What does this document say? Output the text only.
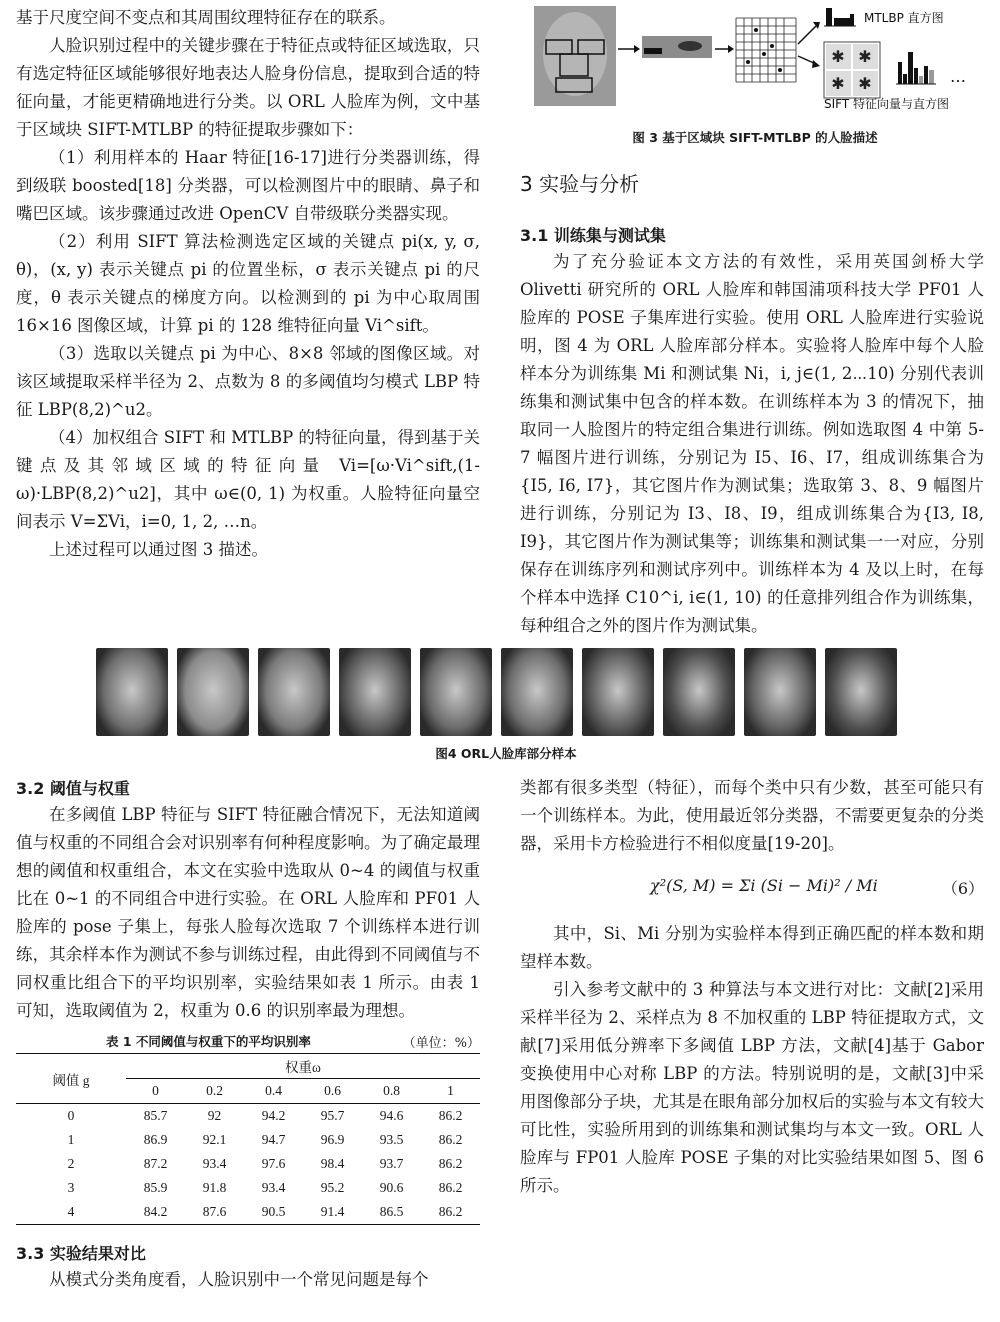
基于尺度空间不变点和其周围纹理特征存在的联系。

人脸识别过程中的关键步骤在于特征点或特征区域选取，只有选定特征区域能够很好地表达人脸身份信息，提取到合适的特征向量，才能更精确地进行分类。以 ORL 人脸库为例，文中基于区域块 SIFT-MTLBP 的特征提取步骤如下：

（1）利用样本的 Haar 特征[16-17]进行分类器训练，得到级联 boosted[18] 分类器，可以检测图片中的眼睛、鼻子和嘴巴区域。该步骤通过改进 OpenCV 自带级联分类器实现。

（2）利用 SIFT 算法检测选定区域的关键点 pi(x, y, σ, θ)，(x, y) 表示关键点 pi 的位置坐标，σ 表示关键点 pi 的尺度，θ 表示关键点的梯度方向。以检测到的 pi 为中心取周围 16×16 图像区域，计算 pi 的 128 维特征向量 Vi^sift。

（3）选取以关键点 pi 为中心、8×8 邻域的图像区域。对该区域提取采样半径为 2、点数为 8 的多阈值均匀模式 LBP 特征 LBP(8,2)^u2。

（4）加权组合 SIFT 和 MTLBP 的特征向量，得到基于关键点及其邻域区域的特征向量 Vi=[ω·Vi^sift,(1-ω)·LBP(8,2)^u2]，其中 ω∈(0, 1) 为权重。人脸特征向量空间表示 V=ΣVi，i=0, 1, 2, …n。

上述过程可以通过图 3 描述。

✱ ✱
✱ ✱	…
MTLBP 直方图
SIFT 特征向量与直方图
图 3 基于区域块 SIFT-MTLBP 的人脸描述
3 实验与分析
3.1 训练集与测试集

为了充分验证本文方法的有效性，采用英国剑桥大学 Olivetti 研究所的 ORL 人脸库和韩国浦项科技大学 PF01 人脸库的 POSE 子集库进行实验。使用 ORL 人脸库进行实验说明，图 4 为 ORL 人脸库部分样本。实验将人脸库中每个人脸样本分为训练集 Mi 和测试集 Ni，i, j∈(1, 2⋯10) 分别代表训练集和测试集中包含的样本数。在训练样本为 3 的情况下，抽取同一人脸图片的特定组合集进行训练。例如选取图 4 中第 5-7 幅图片进行训练，分别记为 I5、I6、I7，组成训练集合为{I5, I6, I7}，其它图片作为测试集；选取第 3、8、9 幅图片进行训练，分别记为 I3、I8、I9，组成训练集合为{I3, I8, I9}，其它图片作为测试集等；训练集和测试集一一对应，分别保存在训练序列和测试序列中。训练样本为 4 及以上时，在每个样本中选择 C10^i, i∈(1, 10) 的任意排列组合作为训练集，每种组合之外的图片作为测试集。

图4 ORL人脸库部分样本
3.2 阈值与权重

在多阈值 LBP 特征与 SIFT 特征融合情况下，无法知道阈值与权重的不同组合会对识别率有何种程度影响。为了确定最理想的阈值和权重组合，本文在实验中选取从 0~4 的阈值与权重比在 0~1 的不同组合中进行实验。在 ORL 人脸库和 PF01 人脸库的 pose 子集上，每张人脸每次选取 7 个训练样本进行训练，其余样本作为测试不参与训练过程，由此得到不同阈值与不同权重比组合下的平均识别率，实验结果如表 1 所示。由表 1 可知，选取阈值为 2，权重为 0.6 的识别率最为理想。

表 1 不同阈值与权重下的平均识别率	（单位：%）
阈值 g	权重ω					
	0	0.2	0.4	0.6	0.8	1
0	85.7	92	94.2	95.7	94.6	86.2
1	86.9	92.1	94.7	96.9	93.5	86.2
2	87.2	93.4	97.6	98.4	93.7	86.2
3	85.9	91.8	93.4	95.2	90.6	86.2
4	84.2	87.6	90.5	91.4	86.5	86.2
3.3 实验结果对比

从模式分类角度看，人脸识别中一个常见问题是每个

类都有很多类型（特征），而每个类中只有少数，甚至可能只有一个训练样本。为此，使用最近邻分类器，不需要更复杂的分类器，采用卡方检验进行不相似度量[19-20]。

χ²(S, M) = Σi (Si − Mi)² / Mi	（6）

其中，Si、Mi 分别为实验样本得到正确匹配的样本数和期望样本数。

引入参考文献中的 3 种算法与本文进行对比：文献[2]采用采样半径为 2、采样点为 8 不加权重的 LBP 特征提取方式，文献[7]采用低分辨率下多阈值 LBP 方法，文献[4]基于 Gabor 变换使用中心对称 LBP 的方法。特别说明的是，文献[3]中采用图像部分子块，尤其是在眼角部分加权后的实验与本文有较大可比性，实验所用到的训练集和测试集均与本文一致。ORL 人脸库与 FP01 人脸库 POSE 子集的对比实验结果如图 5、图 6 所示。
